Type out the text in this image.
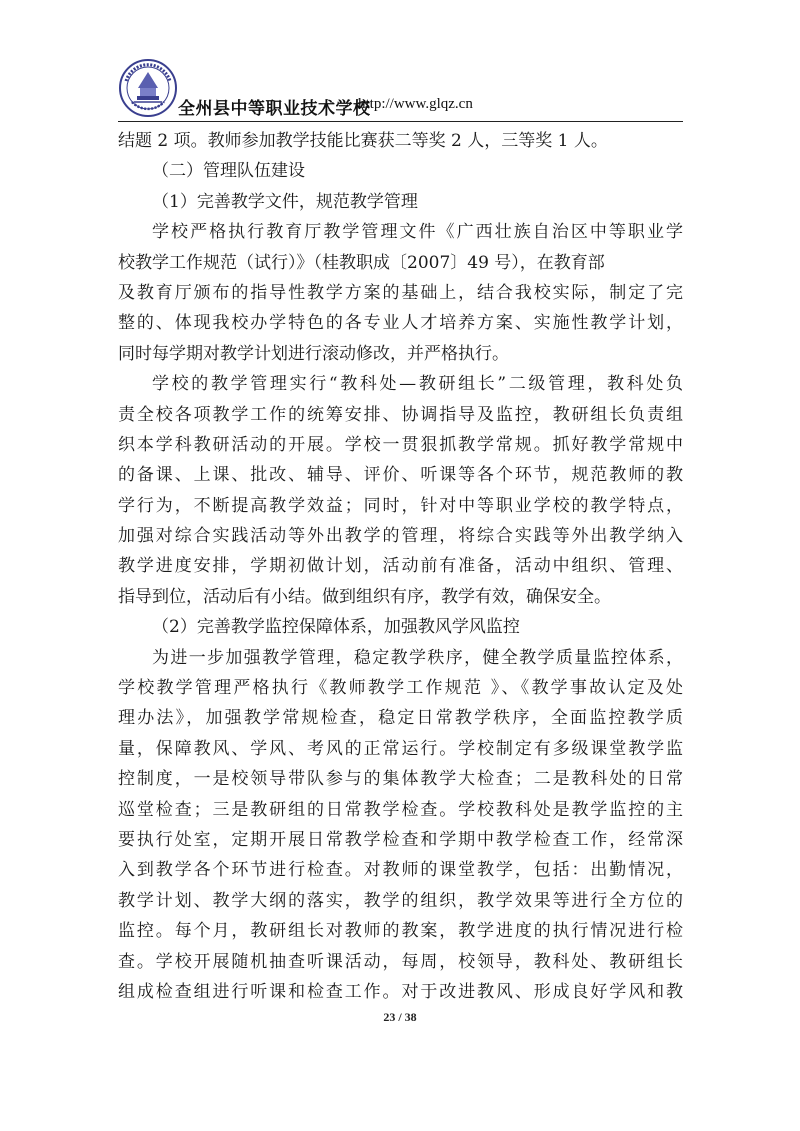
全州县中等职业技术学校
http://www.glqz.cn
结题 2 项。教师参加教学技能比赛获二等奖 2 人，三等奖 1 人。
（二）管理队伍建设
（1）完善教学文件，规范教学管理
学校严格执行教育厅教学管理文件《广西壮族自治区中等职业学
校教学工作规范（试行）》（桂教职成〔2007〕49 号），在教育部
及教育厅颁布的指导性教学方案的基础上，结合我校实际，制定了完
整的、体现我校办学特色的各专业人才培养方案、实施性教学计划，
同时每学期对教学计划进行滚动修改，并严格执行。
学校的教学管理实行“教科处—教研组长”二级管理，教科处负
责全校各项教学工作的统筹安排、协调指导及监控，教研组长负责组
织本学科教研活动的开展。学校一贯狠抓教学常规。抓好教学常规中
的备课、上课、批改、辅导、评价、听课等各个环节，规范教师的教
学行为，不断提高教学效益；同时，针对中等职业学校的教学特点，
加强对综合实践活动等外出教学的管理，将综合实践等外出教学纳入
教学进度安排，学期初做计划，活动前有准备，活动中组织、管理、
指导到位，活动后有小结。做到组织有序，教学有效，确保安全。
（2）完善教学监控保障体系，加强教风学风监控
为进一步加强教学管理，稳定教学秩序，健全教学质量监控体系，
学校教学管理严格执行《教师教学工作规范 》、《教学事故认定及处
理办法》，加强教学常规检查，稳定日常教学秩序，全面监控教学质
量，保障教风、学风、考风的正常运行。学校制定有多级课堂教学监
控制度，一是校领导带队参与的集体教学大检查；二是教科处的日常
巡堂检查；三是教研组的日常教学检查。学校教科处是教学监控的主
要执行处室，定期开展日常教学检查和学期中教学检查工作，经常深
入到教学各个环节进行检查。对教师的课堂教学，包括：出勤情况，
教学计划、教学大纲的落实，教学的组织，教学效果等进行全方位的
监控。每个月，教研组长对教师的教案，教学进度的执行情况进行检
查。学校开展随机抽查听课活动，每周，校领导，教科处、教研组长
组成检查组进行听课和检查工作。对于改进教风、形成良好学风和教
23 / 38
